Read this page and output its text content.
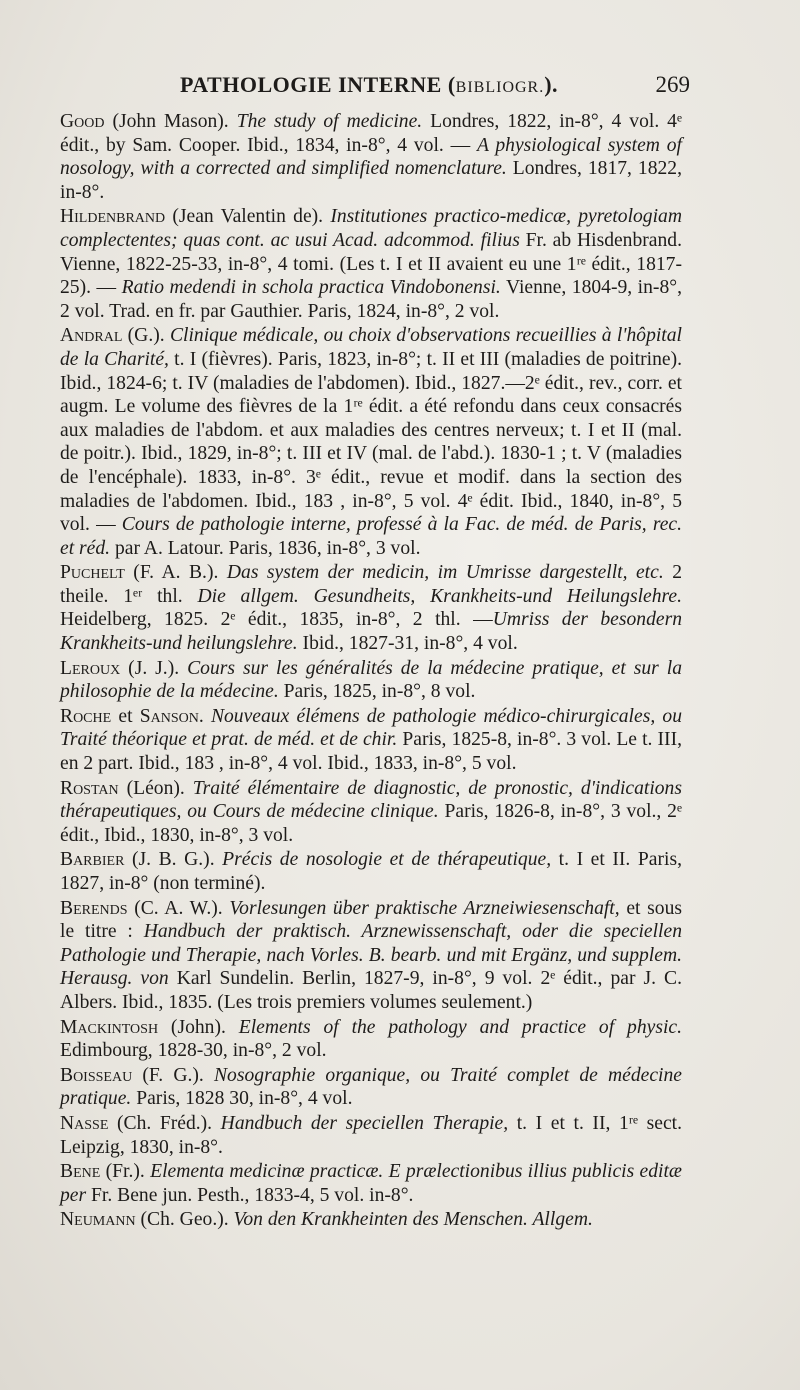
PATHOLOGIE INTERNE (BIBLIOGR.).	269

Good (John Mason). The study of medicine. Londres, 1822, in-8°, 4 vol. 4ᵉ édit., by Sam. Cooper. Ibid., 1834, in-8°, 4 vol. — A physiological system of nosology, with a corrected and simplified nomenclature. Londres, 1817, 1822, in-8°.

Hildenbrand (Jean Valentin de). Institutiones practico-medicæ, pyretologiam complectentes; quas cont. ac usui Acad. adcommod. filius Fr. ab Hisdenbrand. Vienne, 1822-25-33, in-8°, 4 tomi. (Les t. I et II avaient eu une 1ʳᵉ édit., 1817-25). — Ratio medendi in schola practica Vindobonensi. Vienne, 1804-9, in-8°, 2 vol. Trad. en fr. par Gauthier. Paris, 1824, in-8°, 2 vol.

Andral (G.). Clinique médicale, ou choix d'observations recueillies à l'hôpital de la Charité, t. I (fièvres). Paris, 1823, in-8°; t. II et III (maladies de poitrine). Ibid., 1824-6; t. IV (maladies de l'abdomen). Ibid., 1827.—2ᵉ édit., rev., corr. et augm. Le volume des fièvres de la 1ʳᵉ édit. a été refondu dans ceux consacrés aux maladies de l'abdom. et aux maladies des centres nerveux; t. I et II (mal. de poitr.). Ibid., 1829, in-8°; t. III et IV (mal. de l'abd.). 1830-1 ; t. V (maladies de l'encéphale). 1833, in-8°. 3ᵉ édit., revue et modif. dans la section des maladies de l'abdomen. Ibid., 183 , in-8°, 5 vol. 4ᵉ édit. Ibid., 1840, in-8°, 5 vol. — Cours de pathologie interne, professé à la Fac. de méd. de Paris, rec. et réd. par A. Latour. Paris, 1836, in-8°, 3 vol.

Puchelt (F. A. B.). Das system der medicin, im Umrisse dargestellt, etc. 2 theile. 1ᵉʳ thl. Die allgem. Gesundheits, Krankheits-und Heilungslehre. Heidelberg, 1825. 2ᵉ édit., 1835, in-8°, 2 thl. —Umriss der besondern Krankheits-und heilungslehre. Ibid., 1827-31, in-8°, 4 vol.

Leroux (J. J.). Cours sur les généralités de la médecine pratique, et sur la philosophie de la médecine. Paris, 1825, in-8°, 8 vol.

Roche et Sanson. Nouveaux élémens de pathologie médico-chirurgicales, ou Traité théorique et prat. de méd. et de chir. Paris, 1825-8, in-8°. 3 vol. Le t. III, en 2 part. Ibid., 183 , in-8°, 4 vol. Ibid., 1833, in-8°, 5 vol.

Rostan (Léon). Traité élémentaire de diagnostic, de pronostic, d'indications thérapeutiques, ou Cours de médecine clinique. Paris, 1826-8, in-8°, 3 vol., 2ᵉ édit., Ibid., 1830, in-8°, 3 vol.

Barbier (J. B. G.). Précis de nosologie et de thérapeutique, t. I et II. Paris, 1827, in-8° (non terminé).

Berends (C. A. W.). Vorlesungen über praktische Arzneiwiesenschaft, et sous le titre : Handbuch der praktisch. Arznewissenschaft, oder die speciellen Pathologie und Therapie, nach Vorles. B. bearb. und mit Ergänz, und supplem. Herausg. von Karl Sundelin. Berlin, 1827-9, in-8°, 9 vol. 2ᵉ édit., par J. C. Albers. Ibid., 1835. (Les trois premiers volumes seulement.)

Mackintosh (John). Elements of the pathology and practice of physic. Edimbourg, 1828-30, in-8°, 2 vol.

Boisseau (F. G.). Nosographie organique, ou Traité complet de médecine pratique. Paris, 1828 30, in-8°, 4 vol.

Nasse (Ch. Fréd.). Handbuch der speciellen Therapie, t. I et t. II, 1ʳᵉ sect. Leipzig, 1830, in-8°.

Bene (Fr.). Elementa medicinæ practicæ. E prælectionibus illius publicis editæ per Fr. Bene jun. Pesth., 1833-4, 5 vol. in-8°.

Neumann (Ch. Geo.). Von den Krankheinten des Menschen. Allgem.
